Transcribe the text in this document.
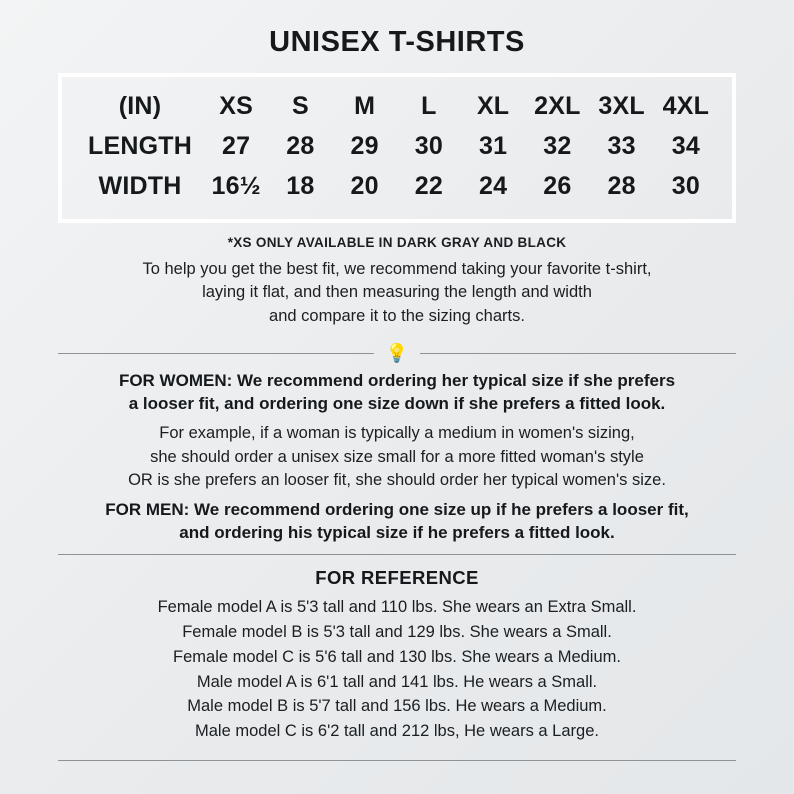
UNISEX T-SHIRTS
(IN)	XS	S	M	L	XL	2XL	3XL	4XL
LENGTH	27	28	29	30	31	32	33	34
WIDTH	16½	18	20	22	24	26	28	30
*XS ONLY AVAILABLE IN DARK GRAY AND BLACK
To help you get the best fit, we recommend taking your favorite t-shirt,
laying it flat, and then measuring the length and width
and compare it to the sizing charts.
💡
FOR WOMEN: We recommend ordering her typical size if she prefers
a looser fit, and ordering one size down if she prefers a fitted look.
For example, if a woman is typically a medium in women's sizing,
she should order a unisex size small for a more fitted woman's style
OR is she prefers an looser fit, she should order her typical women's size.
FOR MEN: We recommend ordering one size up if he prefers a looser fit,
and ordering his typical size if he prefers a fitted look.
FOR REFERENCE
Female model A is 5'3 tall and 110 lbs. She wears an Extra Small.
Female model B is 5'3 tall and 129 lbs. She wears a Small.
Female model C is 5'6 tall and 130 lbs. She wears a Medium.
Male model A is 6'1 tall and 141 lbs. He wears a Small.
Male model B is 5'7 tall and 156 lbs. He wears a Medium.
Male model C is 6'2 tall and 212 lbs, He wears a Large.
